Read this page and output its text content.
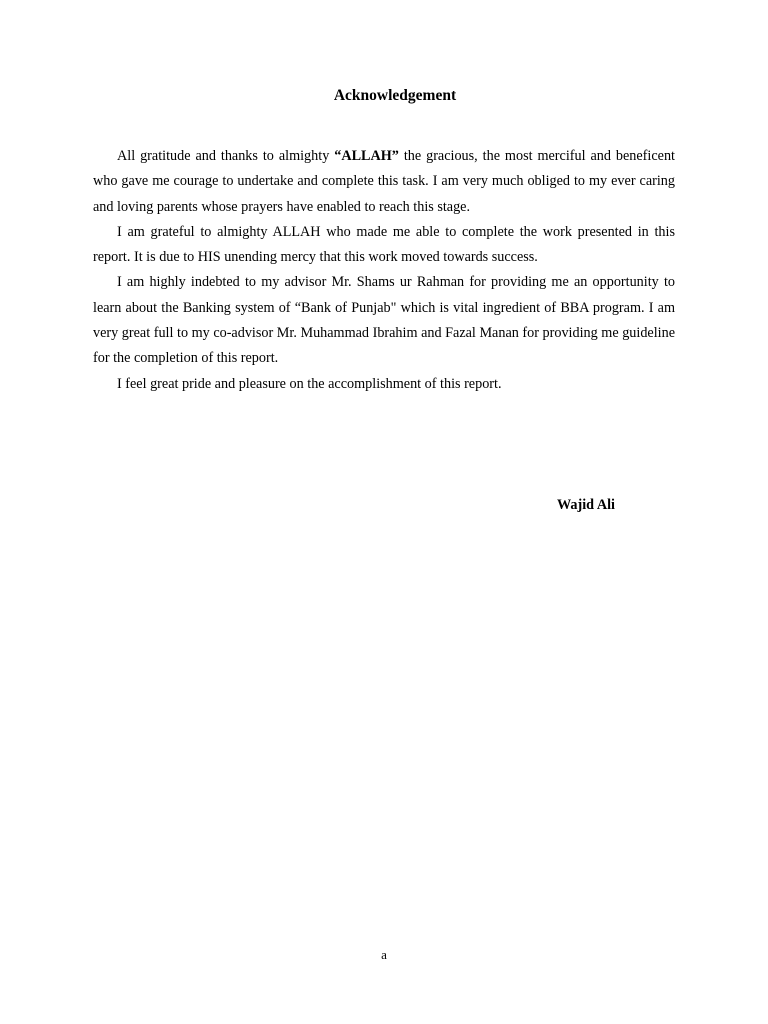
Acknowledgement

All gratitude and thanks to almighty “ALLAH” the gracious, the most merciful and beneficent who gave me courage to undertake and complete this task. I am very much obliged to my ever caring and loving parents whose prayers have enabled to reach this stage.

I am grateful to almighty ALLAH who made me able to complete the work presented in this report. It is due to HIS unending mercy that this work moved towards success.

I am highly indebted to my advisor Mr. Shams ur Rahman for providing me an opportunity to learn about the Banking system of “Bank of Punjab" which is vital ingredient of BBA program. I am very great full to my co-advisor Mr. Muhammad Ibrahim and Fazal Manan for providing me guideline for the completion of this report.

I feel great pride and pleasure on the accomplishment of this report.

Wajid Ali

a
